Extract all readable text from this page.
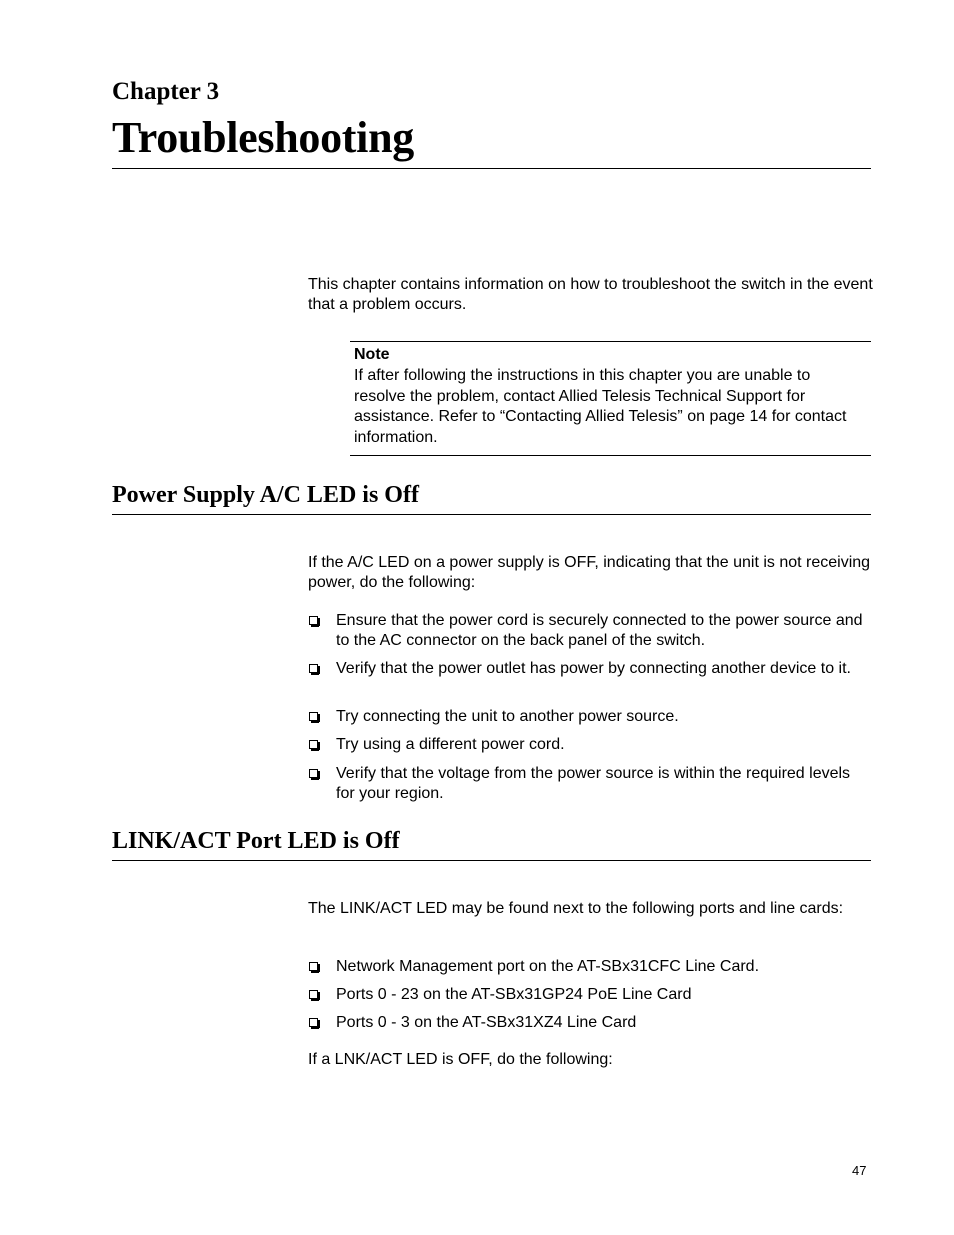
Chapter 3
Troubleshooting
This chapter contains information on how to troubleshoot the switch in the event that a problem occurs.
Note
If after following the instructions in this chapter you are unable to resolve the problem, contact Allied Telesis Technical Support for assistance. Refer to “Contacting Allied Telesis” on page 14 for contact information.
Power Supply A/C LED is Off
If the A/C LED on a power supply is OFF, indicating that the unit is not receiving power, do the following:
Ensure that the power cord is securely connected to the power source and to the AC connector on the back panel of the switch.
Verify that the power outlet has power by connecting another device to it.
Try connecting the unit to another power source.
Try using a different power cord.
Verify that the voltage from the power source is within the required levels for your region.
LINK/ACT Port LED is Off
The LINK/ACT LED may be found next to the following ports and line cards:
Network Management port on the AT-SBx31CFC Line Card.
Ports 0 - 23 on the AT-SBx31GP24 PoE Line Card
Ports 0 - 3 on the AT-SBx31XZ4 Line Card
If a LNK/ACT LED is OFF, do the following:
47
